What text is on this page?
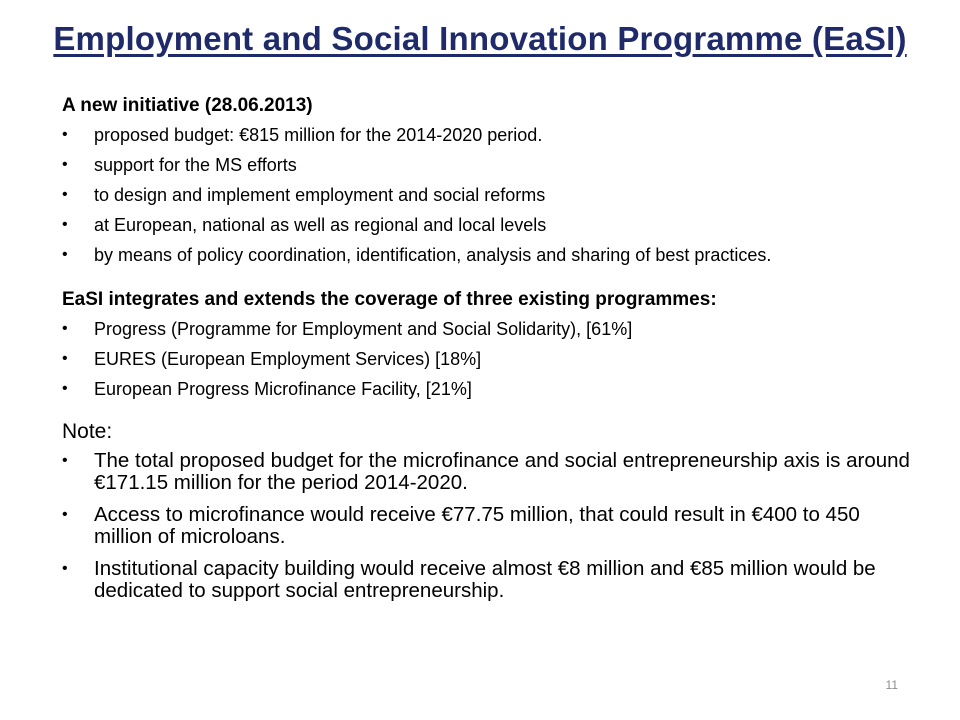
Employment and Social Innovation Programme (EaSI)
A new initiative (28.06.2013)
• proposed budget: €815 million for the 2014-2020 period.
• support for the MS efforts
• to design and implement employment and social reforms
• at European, national as well as regional and local levels
• by means of policy coordination, identification, analysis and sharing of best practices.
EaSI integrates and extends the coverage of three existing programmes:
• Progress (Programme for Employment and Social Solidarity), [61%]
• EURES (European Employment Services) [18%]
• European Progress Microfinance Facility, [21%]
Note:
• The total proposed budget for the microfinance and social entrepreneurship axis is around €171.15 million for the period 2014-2020.
• Access to microfinance would receive €77.75 million, that could result in €400 to 450 million of microloans.
• Institutional capacity building would receive almost €8 million and €85 million would be dedicated to support social entrepreneurship.
11
